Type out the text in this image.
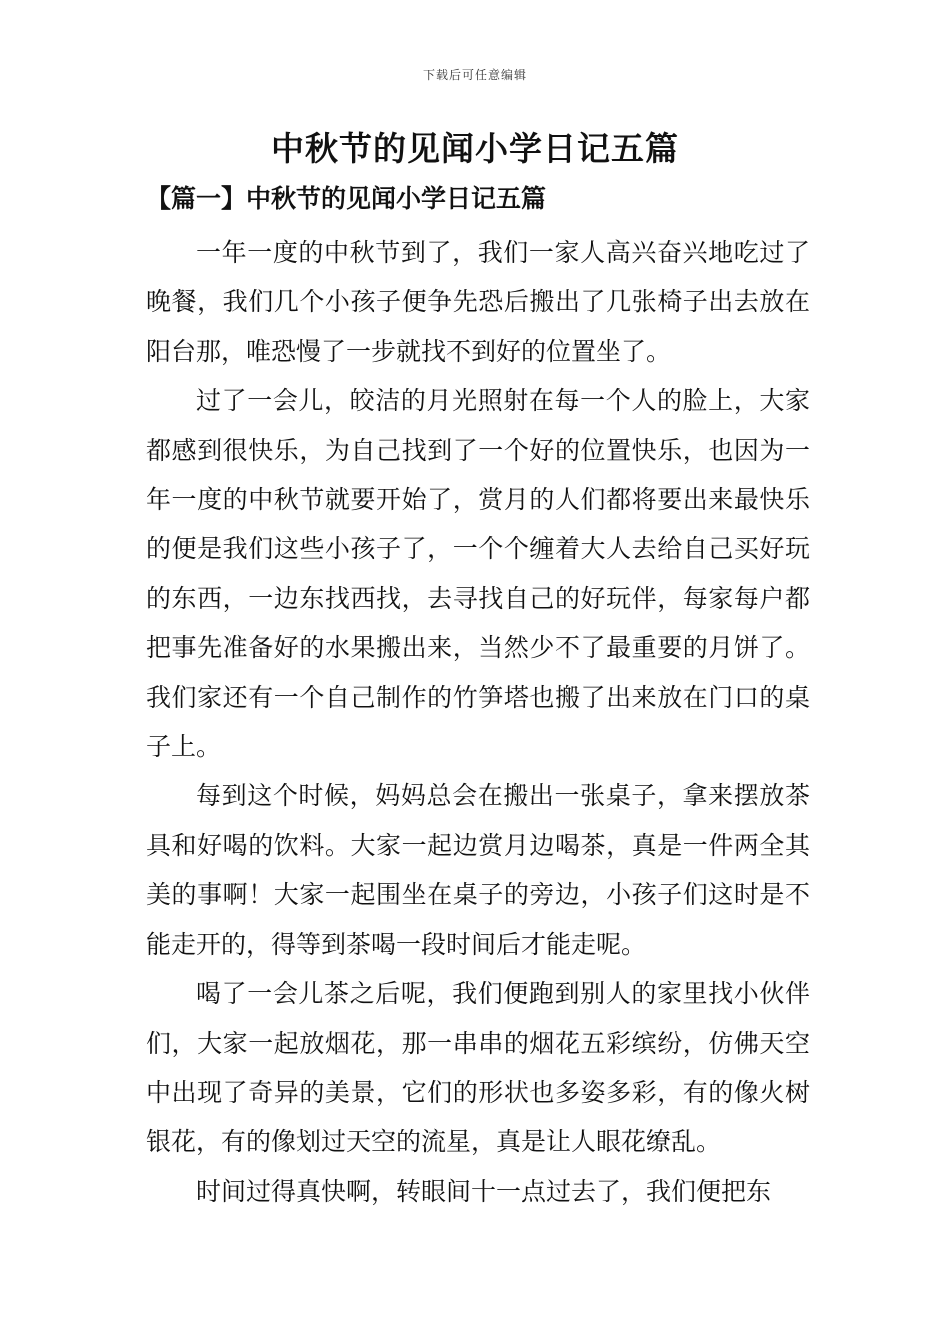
下载后可任意编辑
中秋节的见闻小学日记五篇
【篇一】中秋节的见闻小学日记五篇

一年一度的中秋节到了，我们一家人高兴奋兴地吃过了晚餐，我们几个小孩子便争先恐后搬出了几张椅子出去放在阳台那，唯恐慢了一步就找不到好的位置坐了。

过了一会儿，皎洁的月光照射在每一个人的脸上，大家都感到很快乐，为自己找到了一个好的位置快乐，也因为一年一度的中秋节就要开始了，赏月的人们都将要出来最快乐的便是我们这些小孩子了，一个个缠着大人去给自己买好玩的东西，一边东找西找，去寻找自己的好玩伴，每家每户都把事先准备好的水果搬出来，当然少不了最重要的月饼了。我们家还有一个自己制作的竹笋塔也搬了出来放在门口的桌子上。

每到这个时候，妈妈总会在搬出一张桌子，拿来摆放茶具和好喝的饮料。大家一起边赏月边喝茶，真是一件两全其美的事啊！大家一起围坐在桌子的旁边，小孩子们这时是不能走开的，得等到茶喝一段时间后才能走呢。

喝了一会儿茶之后呢，我们便跑到别人的家里找小伙伴们，大家一起放烟花，那一串串的烟花五彩缤纷，仿佛天空中出现了奇异的美景，它们的形状也多姿多彩，有的像火树银花，有的像划过天空的流星，真是让人眼花缭乱。

时间过得真快啊，转眼间十一点过去了，我们便把东
